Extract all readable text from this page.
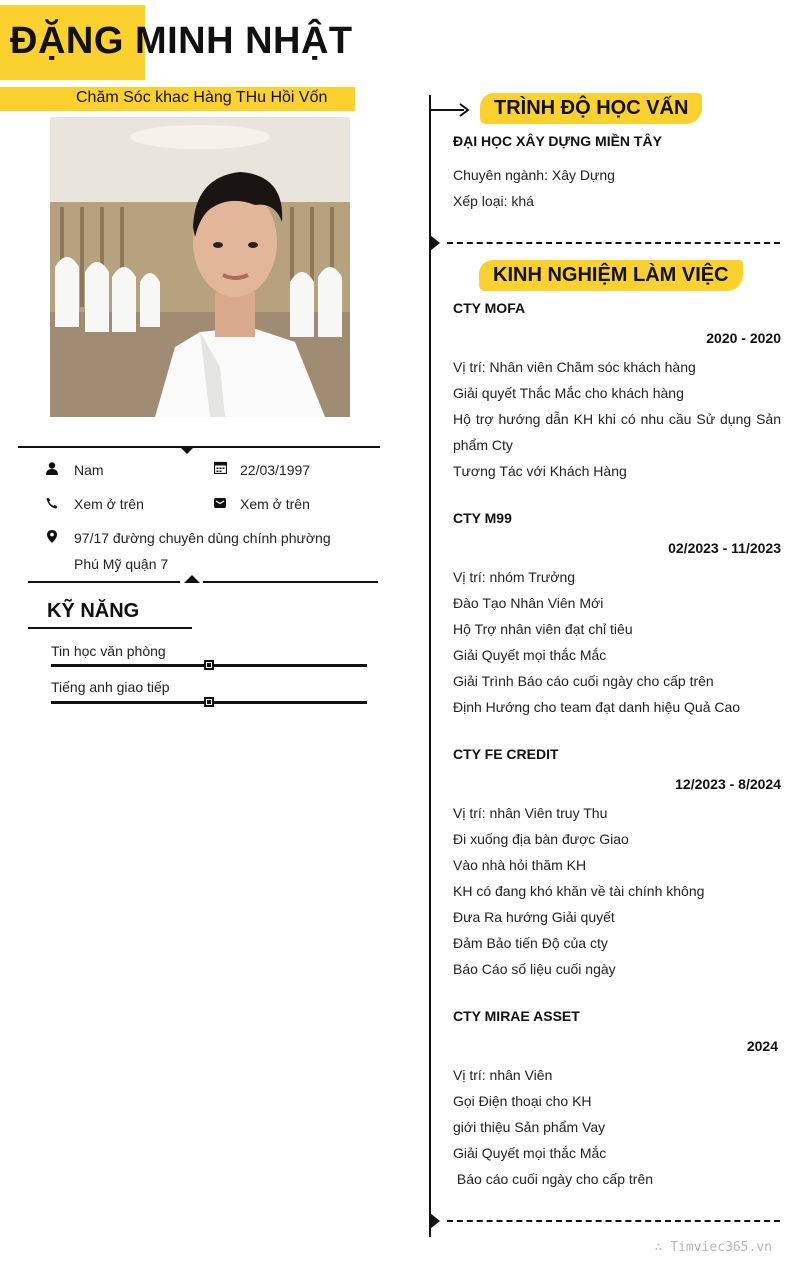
ĐẶNG MINH NHẬT
Chăm Sóc khac Hàng THu Hồi Vốn
Nam	22/03/1997
Xem ở trên	Xem ở trên
97/17 đường chuyên dùng chính phường Phú Mỹ quận 7
KỸ NĂNG
Tin học văn phòng
Tiếng anh giao tiếp
TRÌNH ĐỘ HỌC VẤN
ĐẠI HỌC XÂY DỰNG MIỀN TÂY
Chuyên ngành: Xây Dựng
Xếp loại: khá
KINH NGHIỆM LÀM VIỆC
CTY MOFA
2020 - 2020
Vị trí: Nhân viên Chăm sóc khách hàng
Giải quyết Thắc Mắc cho khách hàng
Hộ trợ hướng dẫn KH khi có nhu cầu Sử dụng Sản phẩm Cty
Tương Tác với Khách Hàng
CTY M99
02/2023 - 11/2023
Vị trí: nhóm Trưởng
Đào Tạo Nhân Viên Mới
Hộ Trợ nhân viên đạt chỉ tiêu
Giải Quyết mọi thắc Mắc
Giải Trình Báo cáo cuối ngày cho cấp trên
Định Hướng cho team đạt danh hiệu Quả Cao
CTY FE CREDIT
12/2023 - 8/2024
Vị trí: nhân Viên truy Thu
Đi xuống địa bàn được Giao
Vào nhà hỏi thăm KH
KH có đang khó khăn về tài chính không
Đưa Ra hướng Giải quyết
Đảm Bảo tiến Độ của cty
Báo Cáo số liệu cuối ngày
CTY MIRAE ASSET
2024
Vị trí: nhân Viên
Gọi Điện thoại cho KH
giới thiệu Sản phẩm Vay
Giải Quyết mọi thắc Mắc
Báo cáo cuối ngày cho cấp trên
∴ Timviec365.vn
